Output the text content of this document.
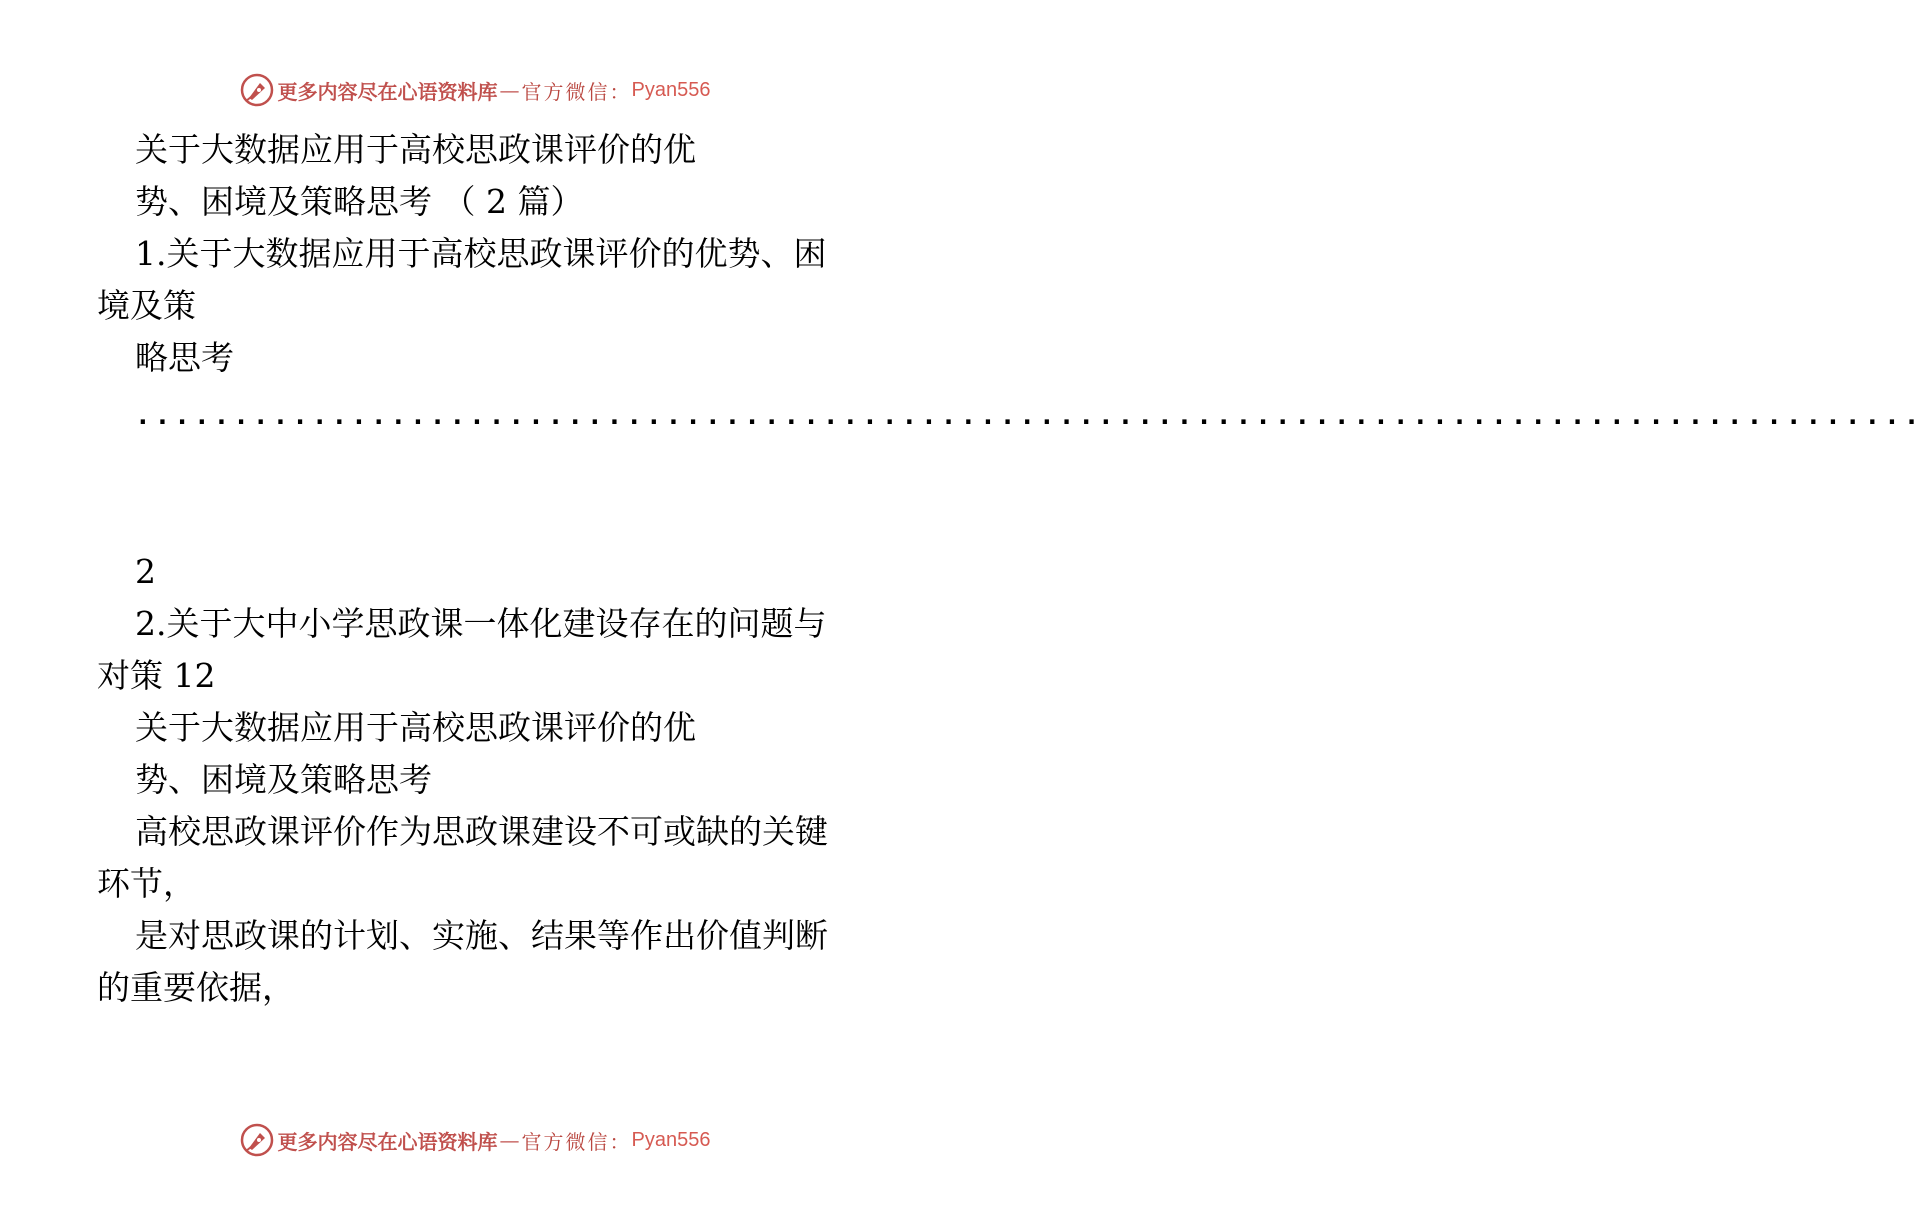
更多内容尽在心语资料库 — 官方微信： Pyan556

关于大数据应用于高校思政课评价的优

势、困境及策略思考 （ 2 篇）

1.关于大数据应用于高校思政课评价的优势、困境及策

略思考

...........................................................................................

2

2.关于大中小学思政课一体化建设存在的问题与对策 12

关于大数据应用于高校思政课评价的优

势、困境及策略思考

高校思政课评价作为思政课建设不可或缺的关键环节，

是对思政课的计划、实施、结果等作出价值判断的重要依据，

更多内容尽在心语资料库 — 官方微信： Pyan556
